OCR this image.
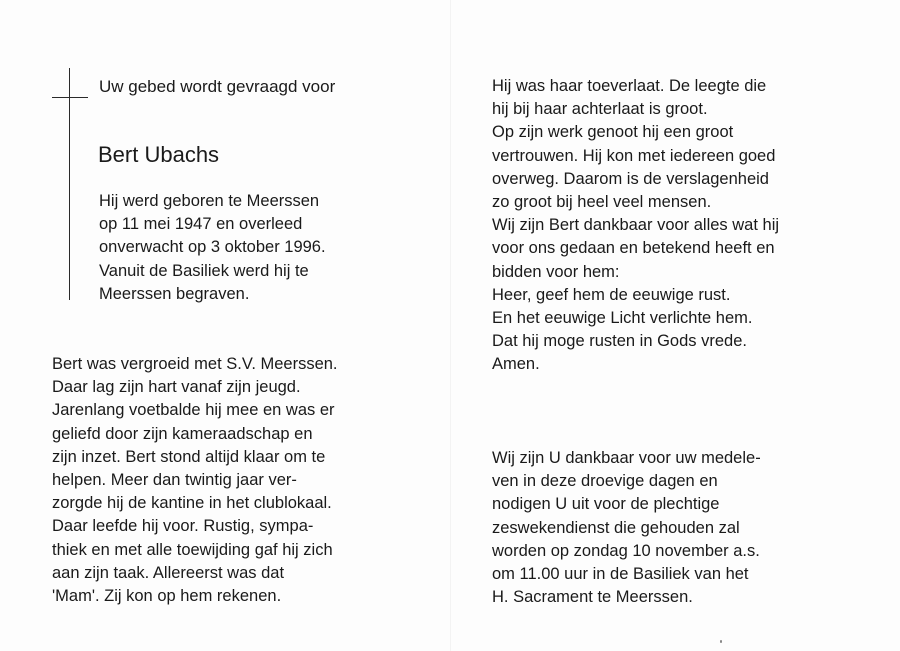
Uw gebed wordt gevraagd voor

Bert Ubachs

Hij werd geboren te Meerssen
op 11 mei 1947 en overleed
onverwacht op 3 oktober 1996.
Vanuit de Basiliek werd hij te
Meerssen begraven.

Bert was vergroeid met S.V. Meerssen.
Daar lag zijn hart vanaf zijn jeugd.
Jarenlang voetbalde hij mee en was er
geliefd door zijn kameraadschap en
zijn inzet. Bert stond altijd klaar om te
helpen. Meer dan twintig jaar ver-
zorgde hij de kantine in het clublokaal.
Daar leefde hij voor. Rustig, sympa-
thiek en met alle toewijding gaf hij zich
aan zijn taak. Allereerst was dat
'Mam'. Zij kon op hem rekenen.

Hij was haar toeverlaat. De leegte die
hij bij haar achterlaat is groot.
Op zijn werk genoot hij een groot
vertrouwen. Hij kon met iedereen goed
overweg. Daarom is de verslagenheid
zo groot bij heel veel mensen.
Wij zijn Bert dankbaar voor alles wat hij
voor ons gedaan en betekend heeft en
bidden voor hem:
Heer, geef hem de eeuwige rust.
En het eeuwige Licht verlichte hem.
Dat hij moge rusten in Gods vrede.
Amen.

Wij zijn U dankbaar voor uw medele-
ven in deze droevige dagen en
nodigen U uit voor de plechtige
zeswekendienst die gehouden zal
worden op zondag 10 november a.s.
om 11.00 uur in de Basiliek van het
H. Sacrament te Meerssen.
